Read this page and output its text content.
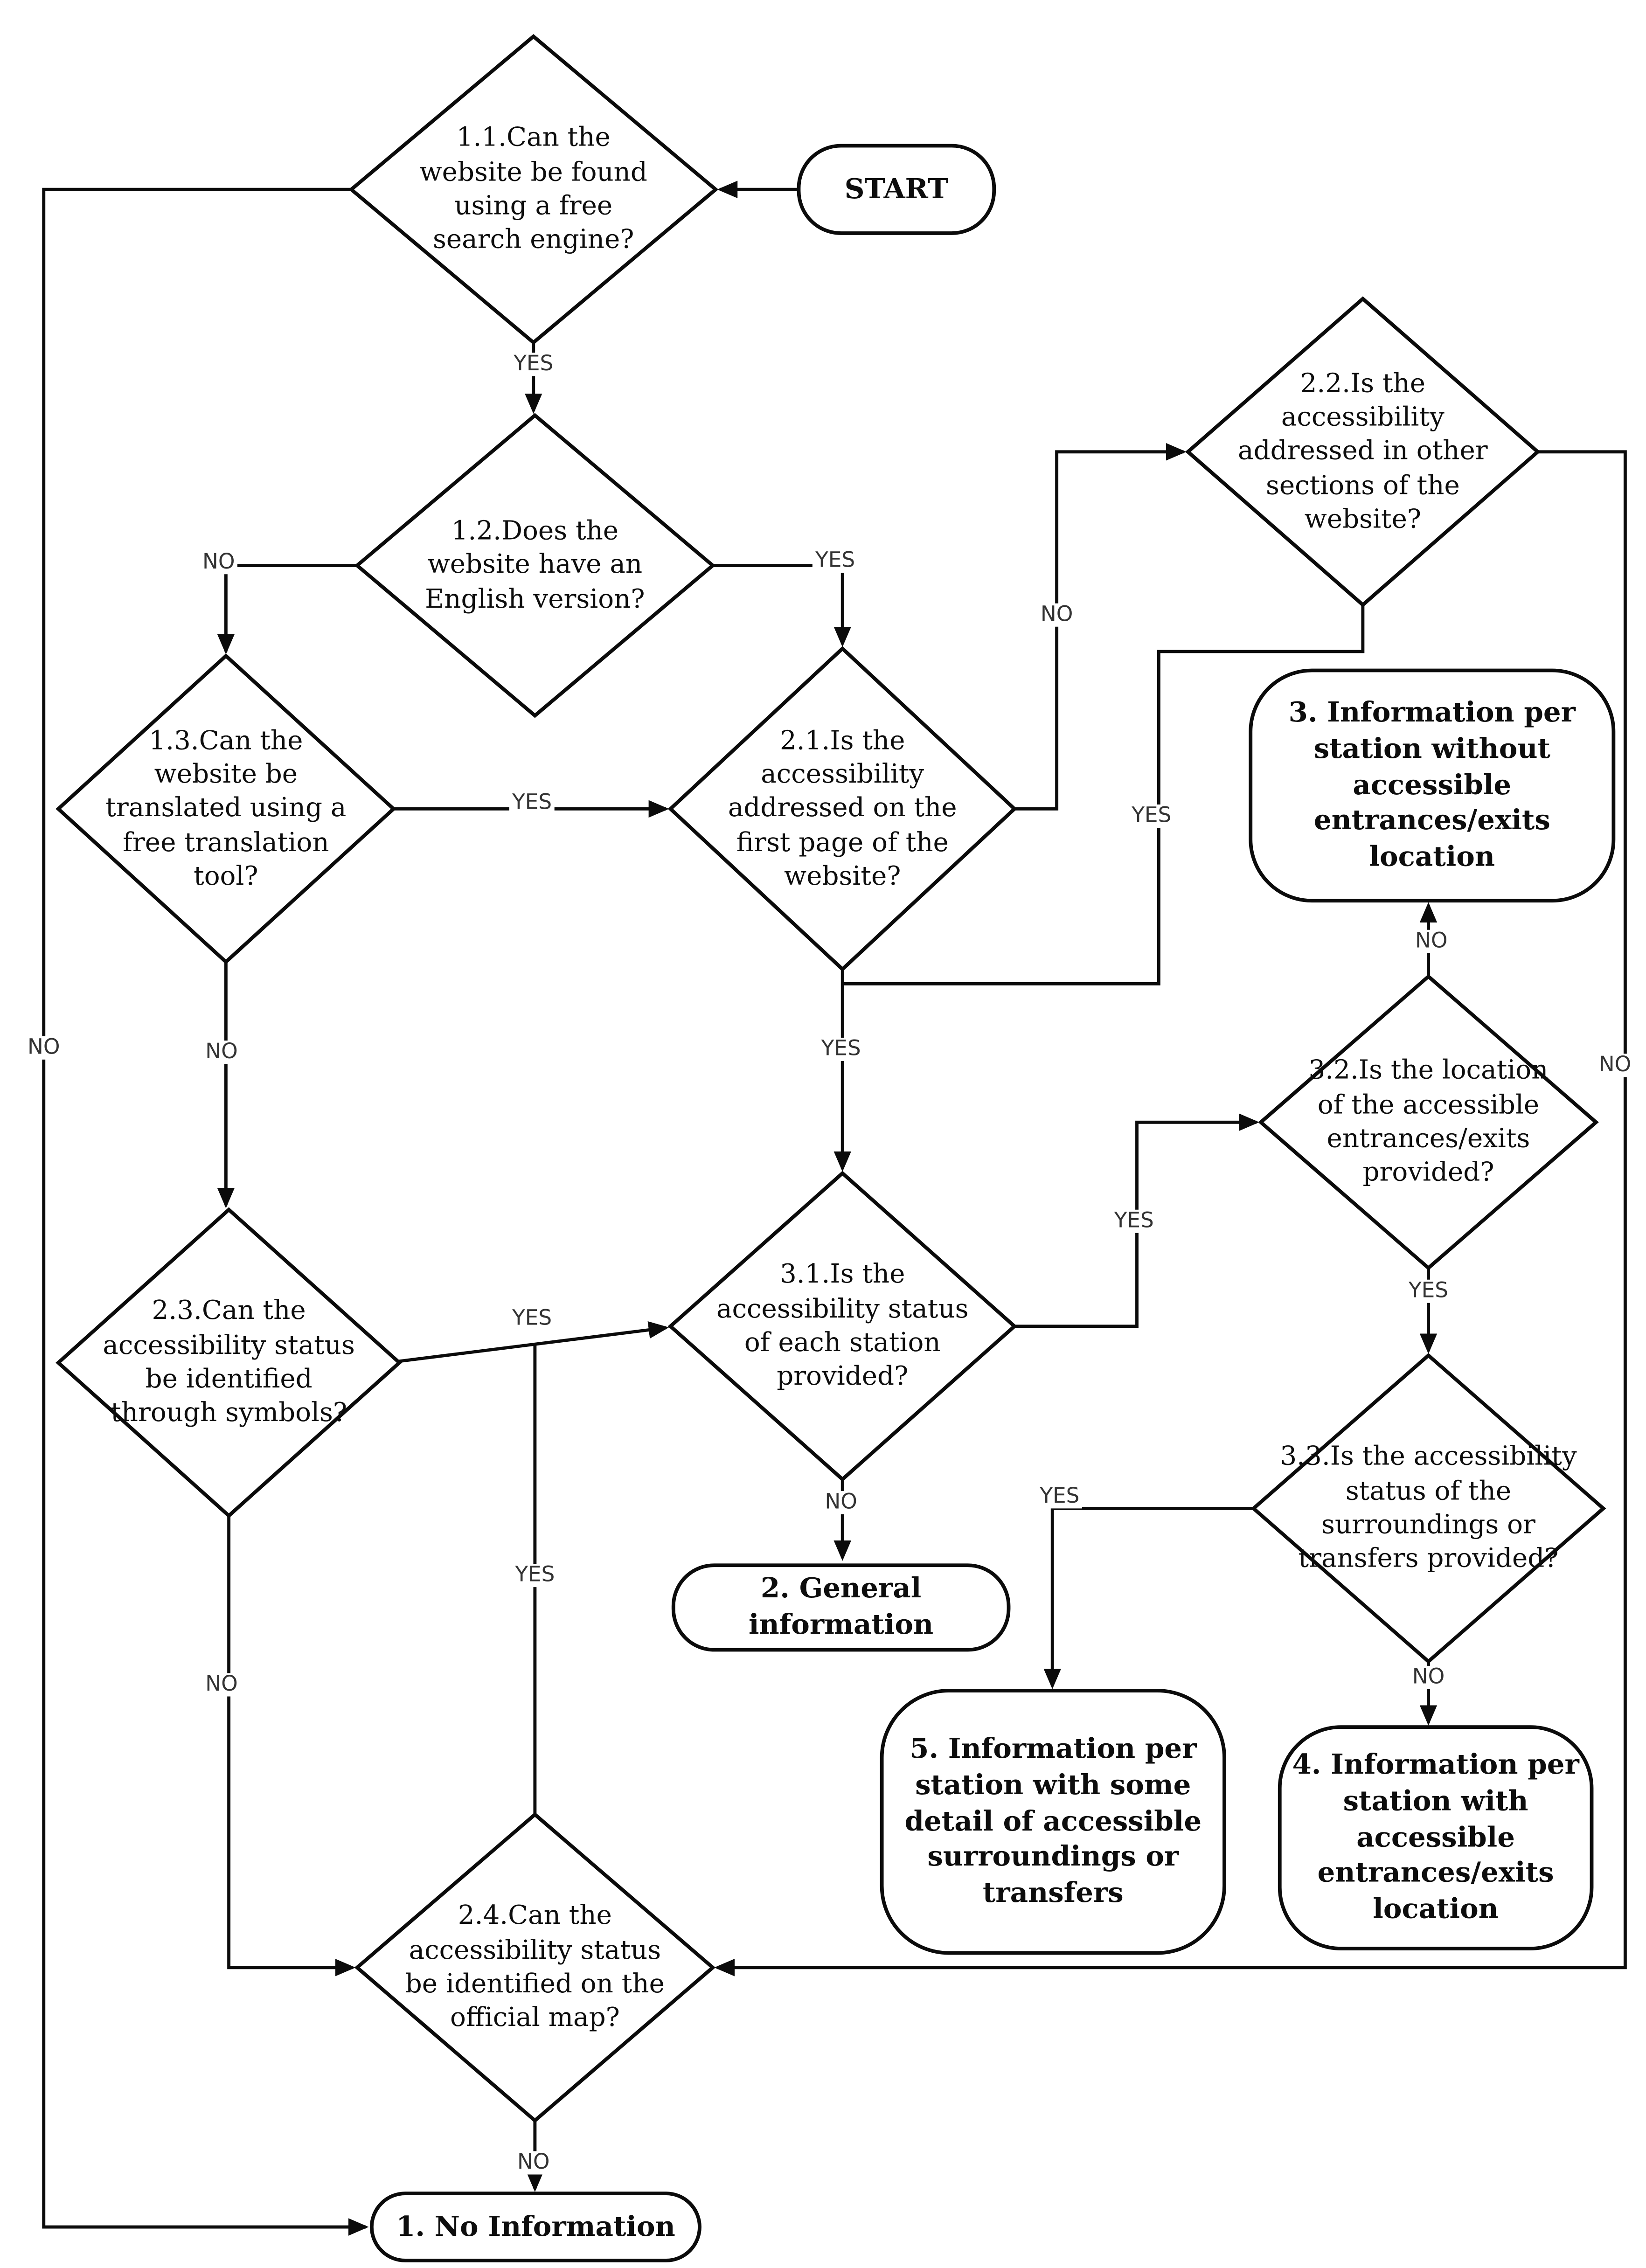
START
1.1.Can the website be found using a free search engine?
1.2.Does the website have an English version?
1.3.Can the website be translated using a free translation tool?
2.1.Is the accessibility addressed on the first page of the website?
2.2.Is the accessibility addressed in other sections of the website?
2.3.Can the accessibility status be identified through symbols?
3.1.Is the accessibility status of each station provided?
3.2.Is the location of the accessible entrances/exits provided?
3.3.Is the accessibility status of the surroundings or transfers provided?
2.4.Can the accessibility status be identified on the official map?
3. Information per station without accessible entrances/exits location
2. General information
5. Information per station with some detail of accessible surroundings or transfers
4. Information per station with accessible entrances/exits location
1. No Information
YES
NO
NO	YES
YES
NO
NO
YES
YES
NO
YES
YES
NO
NO
YES
YES
NO
NO
YES
NO
